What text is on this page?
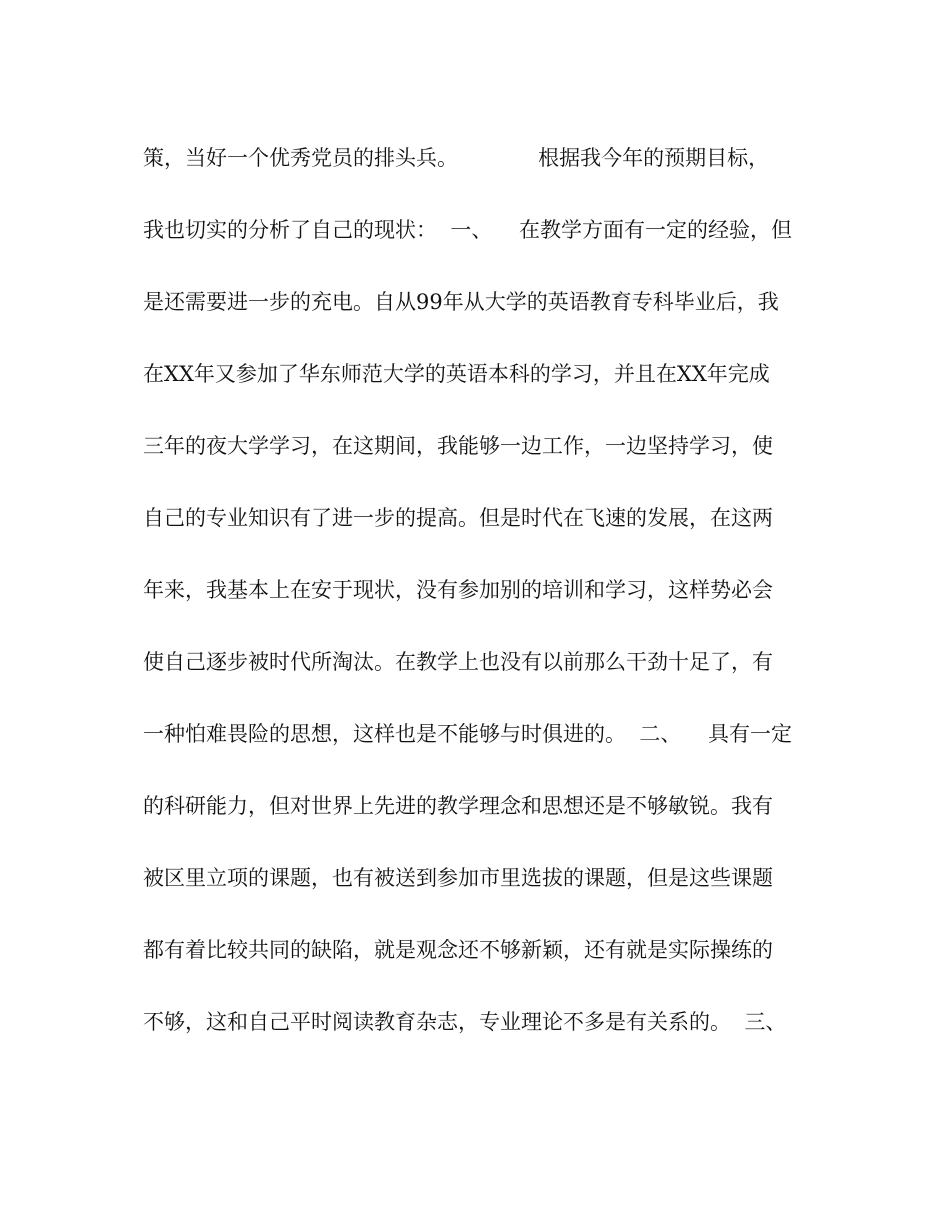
策，当好一个优秀党员的排头兵。            根据我今年的预期目标，
我也切实的分析了自己的现状：  一、    在教学方面有一定的经验，但
是还需要进一步的充电。自从99年从大学的英语教育专科毕业后，我
在XX年又参加了华东师范大学的英语本科的学习，并且在XX年完成
三年的夜大学学习，在这期间，我能够一边工作，一边坚持学习，使
自己的专业知识有了进一步的提高。但是时代在飞速的发展，在这两
年来，我基本上在安于现状，没有参加别的培训和学习，这样势必会
使自己逐步被时代所淘汰。在教学上也没有以前那么干劲十足了，有
一种怕难畏险的思想，这样也是不能够与时俱进的。  二、    具有一定
的科研能力，但对世界上先进的教学理念和思想还是不够敏锐。我有
被区里立项的课题，也有被送到参加市里选拔的课题，但是这些课题
都有着比较共同的缺陷，就是观念还不够新颖，还有就是实际操练的
不够，这和自己平时阅读教育杂志，专业理论不多是有关系的。  三、
